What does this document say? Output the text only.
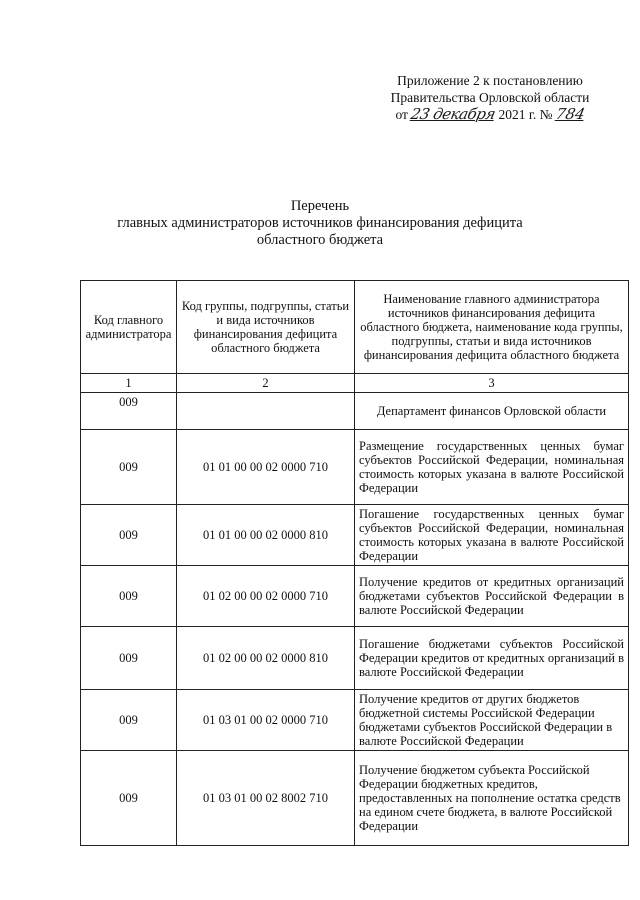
Приложение 2 к постановлению
Правительства Орловской области
от 23 декабря 2021 г. № 784
Перечень
главных администраторов источников финансирования дефицита
областного бюджета
Код главного администратора	Код группы, подгруппы, статьи и вида источников финансирования дефицита областного бюджета	Наименование главного администратора источников финансирования дефицита областного бюджета, наименование кода группы, подгруппы, статьи и вида источников финансирования дефицита областного бюджета
1	2	3
009		Департамент финансов Орловской области
009	01 01 00 00 02 0000 710	Размещение государственных ценных бумаг субъектов Российской Федерации, номинальная стоимость которых указана в валюте Российской Федерации
009	01 01 00 00 02 0000 810	Погашение государственных ценных бумаг субъектов Российской Федерации, номинальная стоимость которых указана в валюте Российской Федерации
009	01 02 00 00 02 0000 710	Получение кредитов от кредитных организаций бюджетами субъектов Российской Федерации в валюте Российской Федерации
009	01 02 00 00 02 0000 810	Погашение бюджетами субъектов Российской Федерации кредитов от кредитных организаций в валюте Российской Федерации
009	01 03 01 00 02 0000 710	Получение кредитов от других бюджетов бюджетной системы Российской Федерации бюджетами субъектов Российской Федерации в валюте Российской Федерации
009	01 03 01 00 02 8002 710	Получение бюджетом субъекта Российской Федерации бюджетных кредитов, предоставленных на пополнение остатка средств на едином счете бюджета, в валюте Российской Федерации
